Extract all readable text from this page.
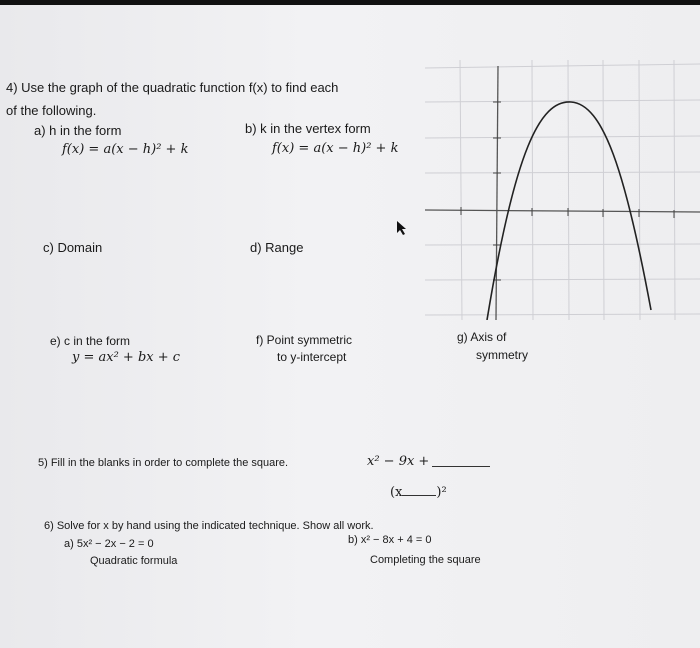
4) Use the graph of the quadratic function f(x) to find each
of the following.
a) h in the form
f(x) = a(x − h)² + k
b) k in the vertex form
f(x) = a(x − h)² + k
c) Domain	d) Range
e) c in the form
y = ax² + bx + c
f) Point symmetric
to y-intercept
g) Axis of
symmetry
5) Fill in the blanks in order to complete the square.	x² − 9x +
(x	)²
6) Solve for x by hand using the indicated technique. Show all work.
a) 5x² − 2x − 2 = 0
Quadratic formula
b) x² − 8x + 4 = 0
Completing the square
